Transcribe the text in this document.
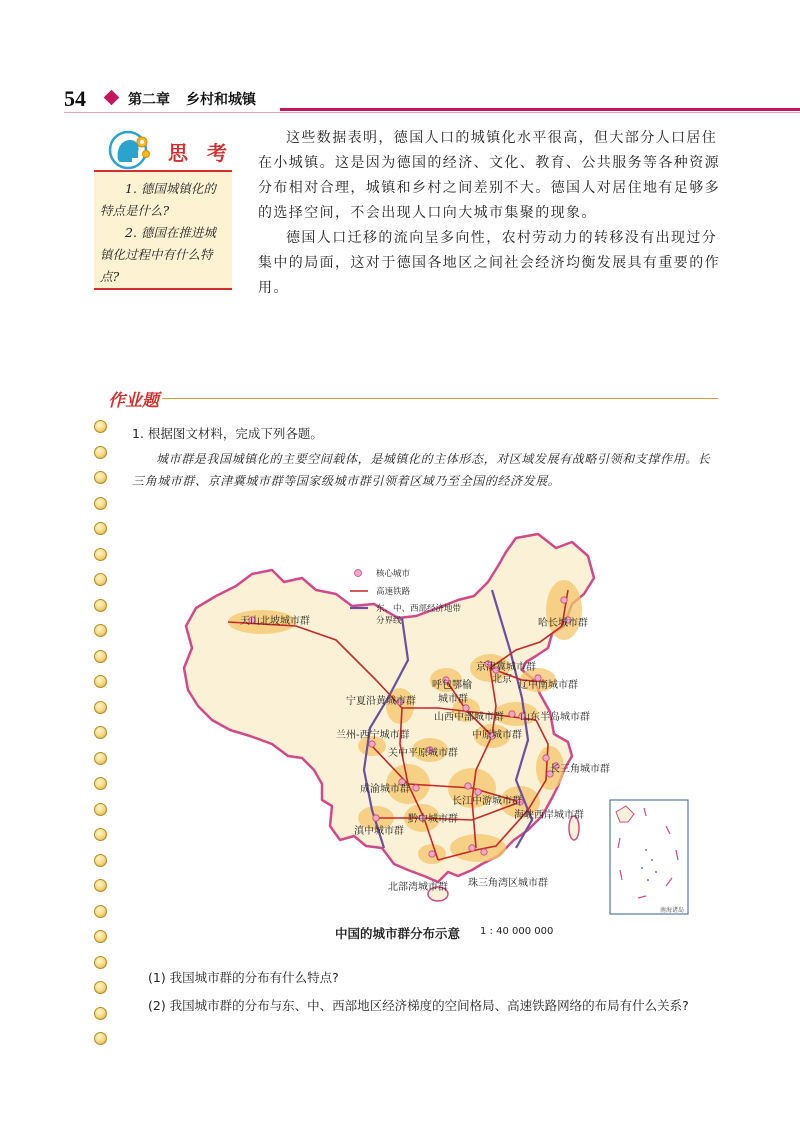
54	第二章 乡村和城镇
思 考

1. 德国城镇化的特点是什么?

2. 德国在推进城镇化过程中有什么特点?

这些数据表明，德国人口的城镇化水平很高，但大部分人口居住在小城镇。这是因为德国的经济、文化、教育、公共服务等各种资源分布相对合理，城镇和乡村之间差别不大。德国人对居住地有足够多的选择空间，不会出现人口向大城市集聚的现象。

德国人口迁移的流向呈多向性，农村劳动力的转移没有出现过分集中的局面，这对于德国各地区之间社会经济均衡发展具有重要的作用。

作业题
1. 根据图文材料，完成下列各题。

城市群是我国城镇化的主要空间载体，是城镇化的主体形态，对区域发展有战略引领和支撑作用。长三角城市群、京津冀城市群等国家级城市群引领着区域乃至全国的经济发展。

核心城市
高速铁路
东、中、西部经济地带
分界线
天山北坡城市群	哈长城市群
京津冀城市群
北京
呼包鄂榆
城市群
宁夏沿黄城市群
辽中南城市群
山西中部城市群 山东半岛城市群
兰州-西宁城市群	中原城市群
关中平原城市群
长三角城市群
成渝城市群
长江中游城市群
黔中城市群	海峡西岸城市群
滇中城市群
北部湾城市群 珠三角湾区城市群
南海诸岛
中国的城市群分布示意 1 : 40 000 000
(1) 我国城市群的分布有什么特点?
(2) 我国城市群的分布与东、中、西部地区经济梯度的空间格局、高速铁路网络的布局有什么关系?
